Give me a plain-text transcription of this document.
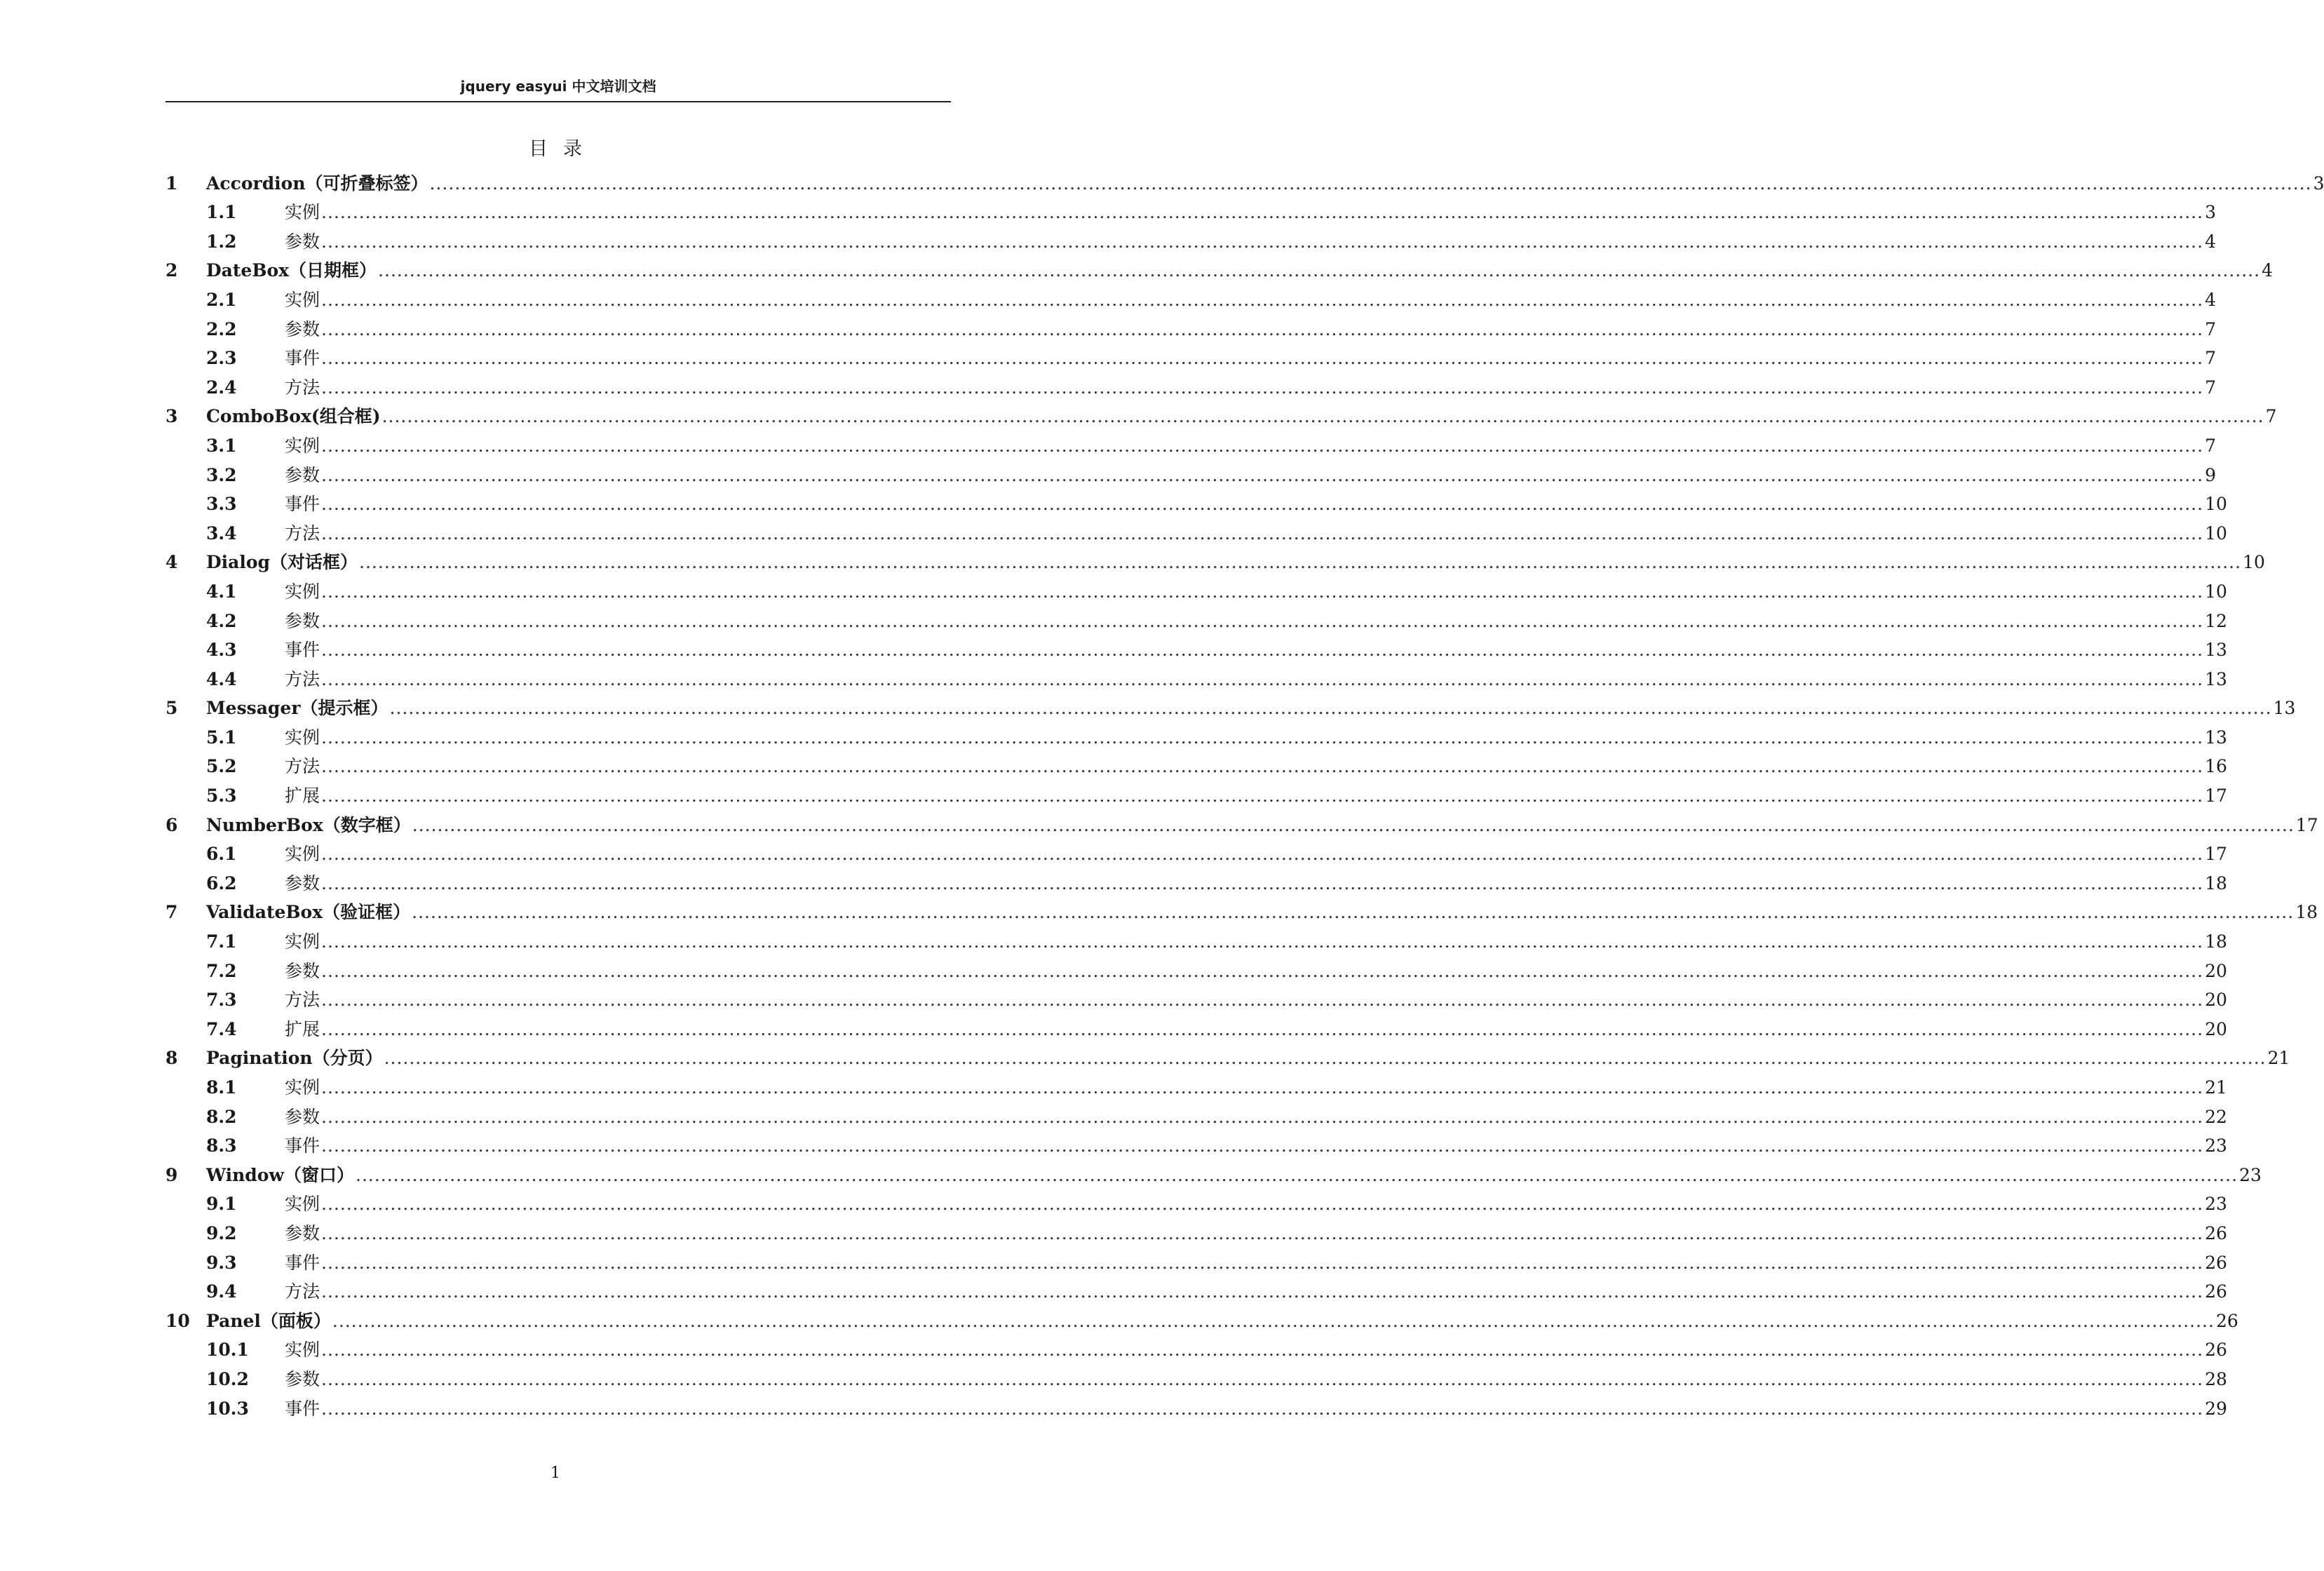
jquery easyui 中文培训文档
目录
1	Accordion（可折叠标签） ............................................................................................................................................................................................................................................................................................................ 3
1.1	实例 ............................................................................................................................................................................................................................................................................................................ 3
1.2	参数 ............................................................................................................................................................................................................................................................................................................ 4
2	DateBox（日期框） ............................................................................................................................................................................................................................................................................................................ 4
2.1	实例 ............................................................................................................................................................................................................................................................................................................ 4
2.2	参数 ............................................................................................................................................................................................................................................................................................................ 7
2.3	事件 ............................................................................................................................................................................................................................................................................................................ 7
2.4	方法 ............................................................................................................................................................................................................................................................................................................ 7
3	ComboBox(组合框) ............................................................................................................................................................................................................................................................................................................ 7
3.1	实例 ............................................................................................................................................................................................................................................................................................................ 7
3.2	参数 ............................................................................................................................................................................................................................................................................................................ 9
3.3	事件 ............................................................................................................................................................................................................................................................................................................ 10
3.4	方法 ............................................................................................................................................................................................................................................................................................................ 10
4	Dialog（对话框） ............................................................................................................................................................................................................................................................................................................ 10
4.1	实例 ............................................................................................................................................................................................................................................................................................................ 10
4.2	参数 ............................................................................................................................................................................................................................................................................................................ 12
4.3	事件 ............................................................................................................................................................................................................................................................................................................ 13
4.4	方法 ............................................................................................................................................................................................................................................................................................................ 13
5	Messager（提示框） ............................................................................................................................................................................................................................................................................................................ 13
5.1	实例 ............................................................................................................................................................................................................................................................................................................ 13
5.2	方法 ............................................................................................................................................................................................................................................................................................................ 16
5.3	扩展 ............................................................................................................................................................................................................................................................................................................ 17
6	NumberBox（数字框） ............................................................................................................................................................................................................................................................................................................ 17
6.1	实例 ............................................................................................................................................................................................................................................................................................................ 17
6.2	参数 ............................................................................................................................................................................................................................................................................................................ 18
7	ValidateBox（验证框） ............................................................................................................................................................................................................................................................................................................ 18
7.1	实例 ............................................................................................................................................................................................................................................................................................................ 18
7.2	参数 ............................................................................................................................................................................................................................................................................................................ 20
7.3	方法 ............................................................................................................................................................................................................................................................................................................ 20
7.4	扩展 ............................................................................................................................................................................................................................................................................................................ 20
8	Pagination（分页） ............................................................................................................................................................................................................................................................................................................ 21
8.1	实例 ............................................................................................................................................................................................................................................................................................................ 21
8.2	参数 ............................................................................................................................................................................................................................................................................................................ 22
8.3	事件 ............................................................................................................................................................................................................................................................................................................ 23
9	Window（窗口） ............................................................................................................................................................................................................................................................................................................ 23
9.1	实例 ............................................................................................................................................................................................................................................................................................................ 23
9.2	参数 ............................................................................................................................................................................................................................................................................................................ 26
9.3	事件 ............................................................................................................................................................................................................................................................................................................ 26
9.4	方法 ............................................................................................................................................................................................................................................................................................................ 26
10 Panel（面板） ............................................................................................................................................................................................................................................................................................................ 26
10.1	实例 ............................................................................................................................................................................................................................................................................................................ 26
10.2	参数 ............................................................................................................................................................................................................................................................................................................ 28
10.3	事件 ............................................................................................................................................................................................................................................................................................................ 29
1
